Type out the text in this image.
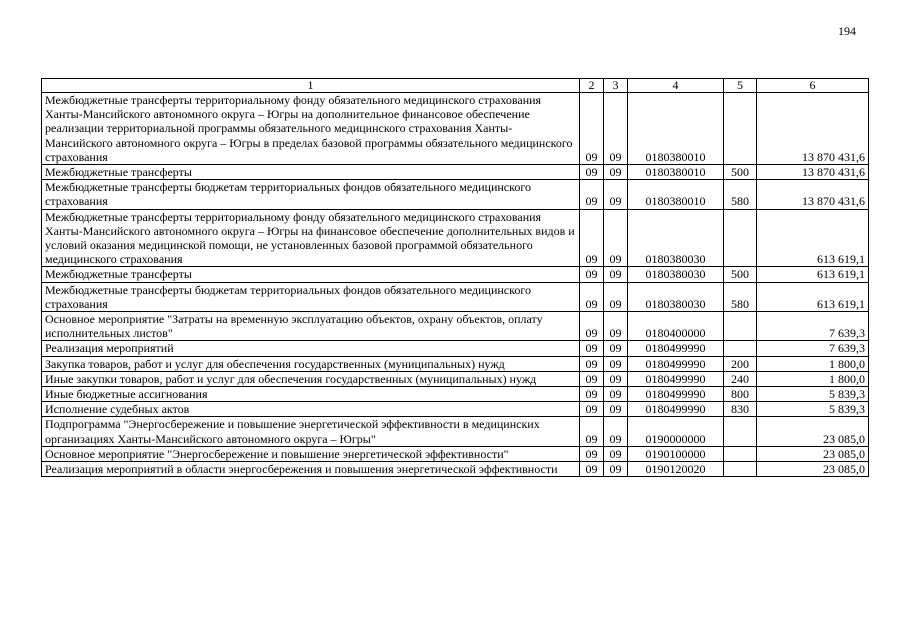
194
1	2	3	4	5	6
Межбюджетные трансферты территориальному фонду обязательного медицинского страхования Ханты-Мансийского автономного округа – Югры на дополнительное финансовое обеспечение реализации территориальной программы обязательного медицинского страхования Ханты-Мансийского автономного округа – Югры в пределах базовой программы обязательного медицинского страхования	09	09	0180380010		13 870 431,6
Межбюджетные трансферты	09	09	0180380010	500	13 870 431,6
Межбюджетные трансферты бюджетам территориальных фондов обязательного медицинского страхования	09	09	0180380010	580	13 870 431,6
Межбюджетные трансферты территориальному фонду обязательного медицинского страхования Ханты-Мансийского автономного округа – Югры на финансовое обеспечение дополнительных видов и условий оказания медицинской помощи, не установленных базовой программой обязательного медицинского страхования	09	09	0180380030		613 619,1
Межбюджетные трансферты	09	09	0180380030	500	613 619,1
Межбюджетные трансферты бюджетам территориальных фондов обязательного медицинского страхования	09	09	0180380030	580	613 619,1
Основное мероприятие "Затраты на временную эксплуатацию объектов, охрану объектов, оплату исполнительных листов"	09	09	0180400000		7 639,3
Реализация мероприятий	09	09	0180499990		7 639,3
Закупка товаров, работ и услуг для обеспечения государственных (муниципальных) нужд	09	09	0180499990	200	1 800,0
Иные закупки товаров, работ и услуг для обеспечения государственных (муниципальных) нужд	09	09	0180499990	240	1 800,0
Иные бюджетные ассигнования	09	09	0180499990	800	5 839,3
Исполнение судебных актов	09	09	0180499990	830	5 839,3
Подпрограмма "Энергосбережение и повышение энергетической эффективности в медицинских организациях Ханты-Мансийского автономного округа – Югры"	09	09	0190000000		23 085,0
Основное мероприятие "Энергосбережение и повышение энергетической эффективности"	09	09	0190100000		23 085,0
Реализация мероприятий в области энергосбережения и повышения энергетической эффективности	09	09	0190120020		23 085,0
